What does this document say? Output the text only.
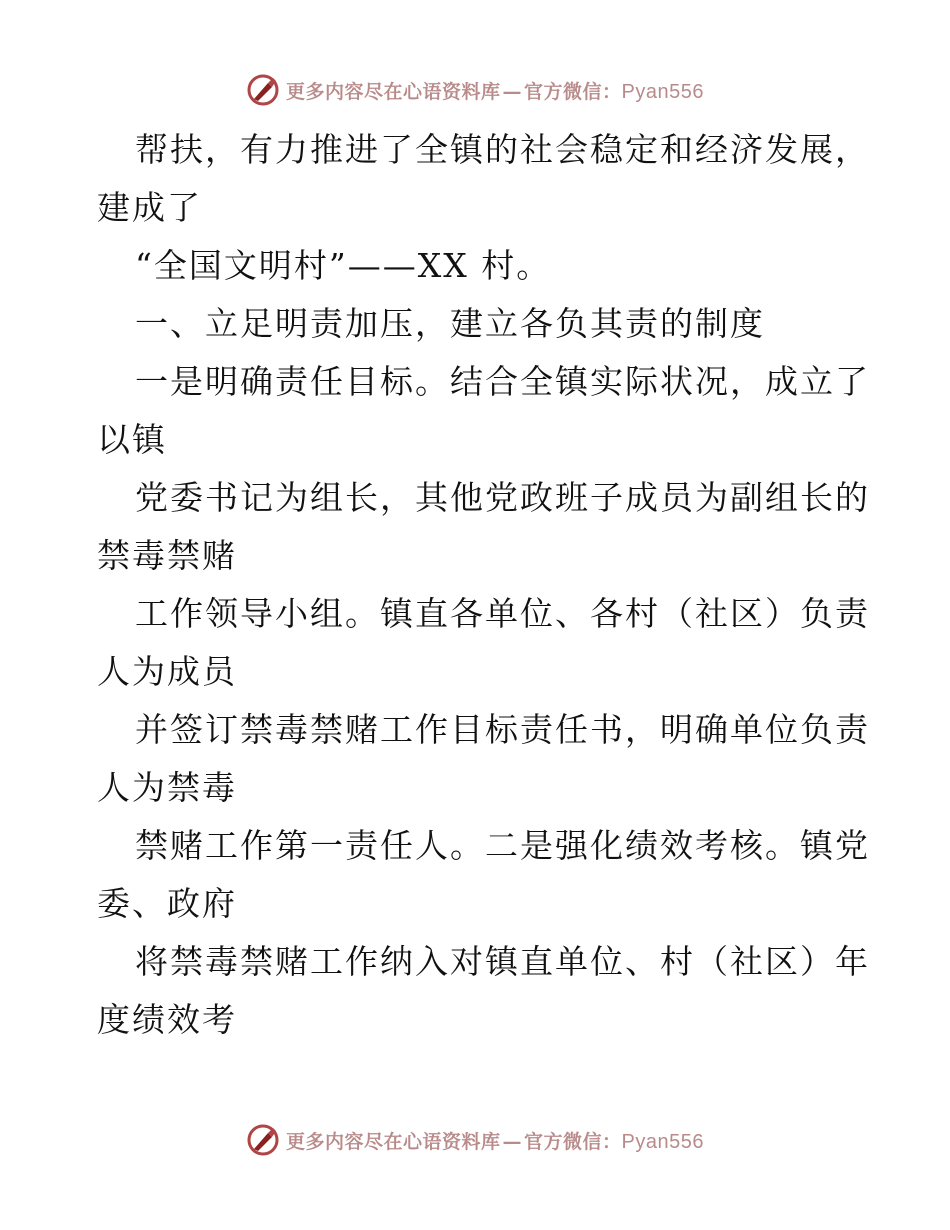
更多内容尽在心语资料库 — 官方微信：Pyan556
帮扶，有力推进了全镇的社会稳定和经济发展，
建成了
“全国文明村”——XX 村。
一、立足明责加压，建立各负其责的制度
一是明确责任目标。结合全镇实际状况，成立了
以镇
党委书记为组长，其他党政班子成员为副组长的
禁毒禁赌
工作领导小组。镇直各单位、各村（社区）负责
人为成员
并签订禁毒禁赌工作目标责任书，明确单位负责
人为禁毒
禁赌工作第一责任人。二是强化绩效考核。镇党
委、政府
将禁毒禁赌工作纳入对镇直单位、村（社区）年
度绩效考
更多内容尽在心语资料库 — 官方微信：Pyan556
